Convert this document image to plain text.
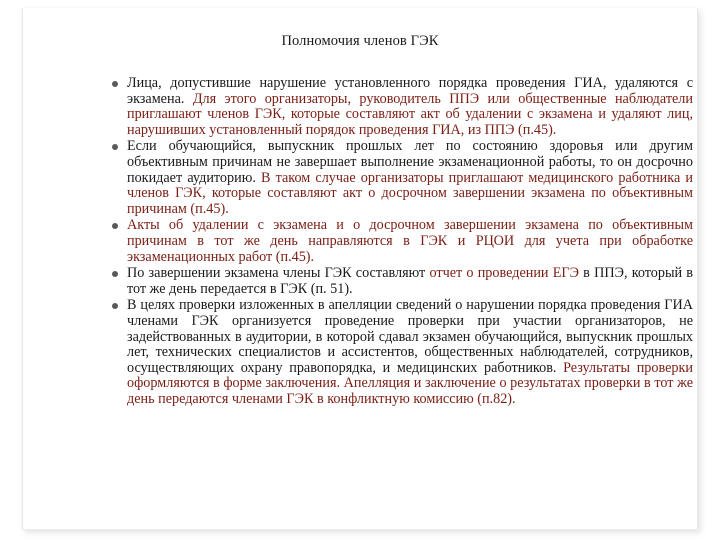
Полномочия членов ГЭК
Лица, допустившие нарушение установленного порядка проведения ГИА, удаляются с экзамена. Для этого организаторы, руководитель ППЭ или общественные наблюдатели приглашают членов ГЭК, которые составляют акт об удалении с экзамена и удаляют лиц, нарушивших установленный порядок проведения ГИА, из ППЭ (п.45).
Если обучающийся, выпускник прошлых лет по состоянию здоровья или другим объективным причинам не завершает выполнение экзаменационной работы, то он досрочно покидает аудиторию. В таком случае организаторы приглашают медицинского работника и членов ГЭК, которые составляют акт о досрочном завершении экзамена по объективным причинам (п.45).
Акты об удалении с экзамена и о досрочном завершении экзамена по объективным причинам в тот же день направляются в ГЭК и РЦОИ для учета при обработке экзаменационных работ (п.45).
По завершении экзамена члены ГЭК составляют отчет о проведении ЕГЭ в ППЭ, который в тот же день передается в ГЭК (п. 51).
В целях проверки изложенных в апелляции сведений о нарушении порядка проведения ГИА членами ГЭК организуется проведение проверки при участии организаторов, не задействованных в аудитории, в которой сдавал экзамен обучающийся, выпускник прошлых лет, технических специалистов и ассистентов, общественных наблюдателей, сотрудников, осуществляющих охрану правопорядка, и медицинских работников. Результаты проверки оформляются в форме заключения. Апелляция и заключение о результатах проверки в тот же день передаются членами ГЭК в конфликтную комиссию (п.82).
